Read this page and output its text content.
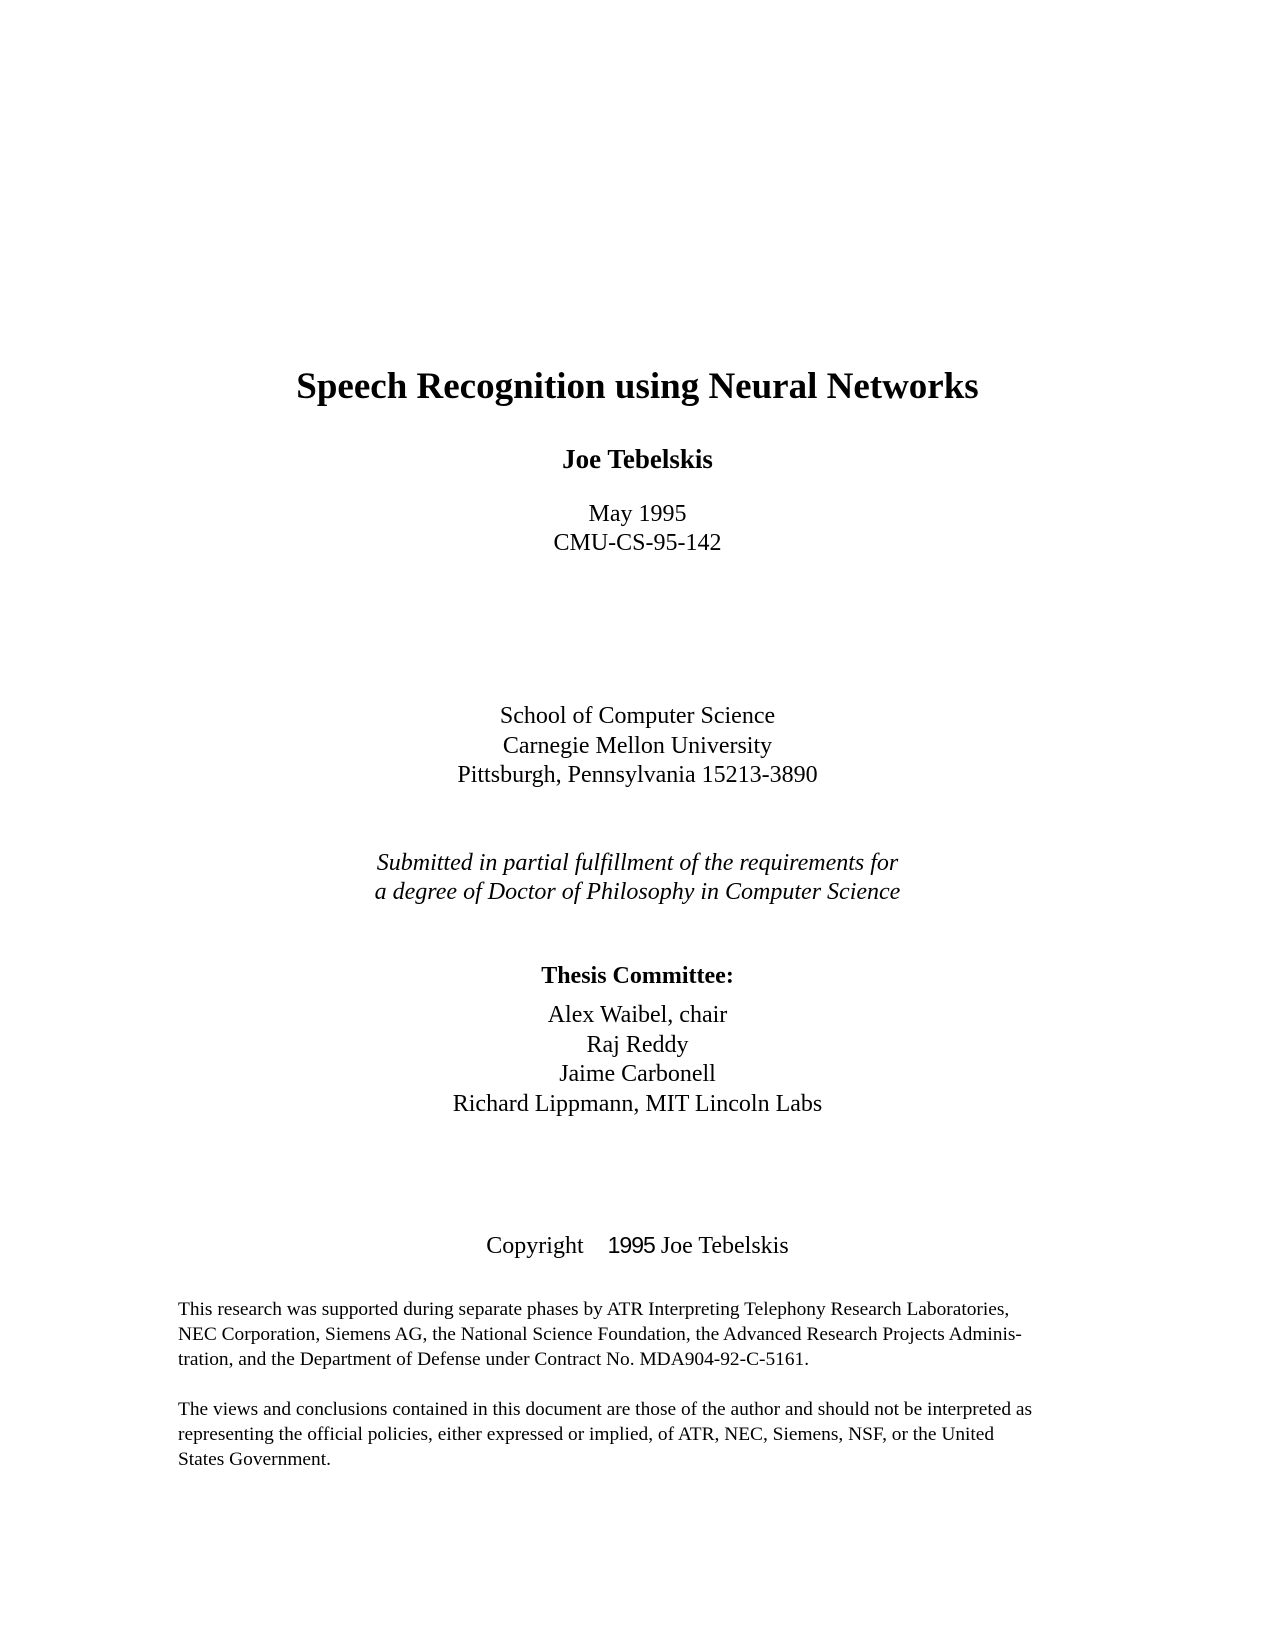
Speech Recognition using Neural Networks
Joe Tebelskis
May 1995
CMU-CS-95-142
School of Computer Science
Carnegie Mellon University
Pittsburgh, Pennsylvania 15213-3890
Submitted in partial fulfillment of the requirements for
a degree of Doctor of Philosophy in Computer Science
Thesis Committee:
Alex Waibel, chair
Raj Reddy
Jaime Carbonell
Richard Lippmann, MIT Lincoln Labs
Copyright 1995 Joe Tebelskis
This research was supported during separate phases by ATR Interpreting Telephony Research Laboratories,
NEC Corporation, Siemens AG, the National Science Foundation, the Advanced Research Projects Adminis-
tration, and the Department of Defense under Contract No. MDA904-92-C-5161.
The views and conclusions contained in this document are those of the author and should not be interpreted as
representing the official policies, either expressed or implied, of ATR, NEC, Siemens, NSF, or the United
States Government.
